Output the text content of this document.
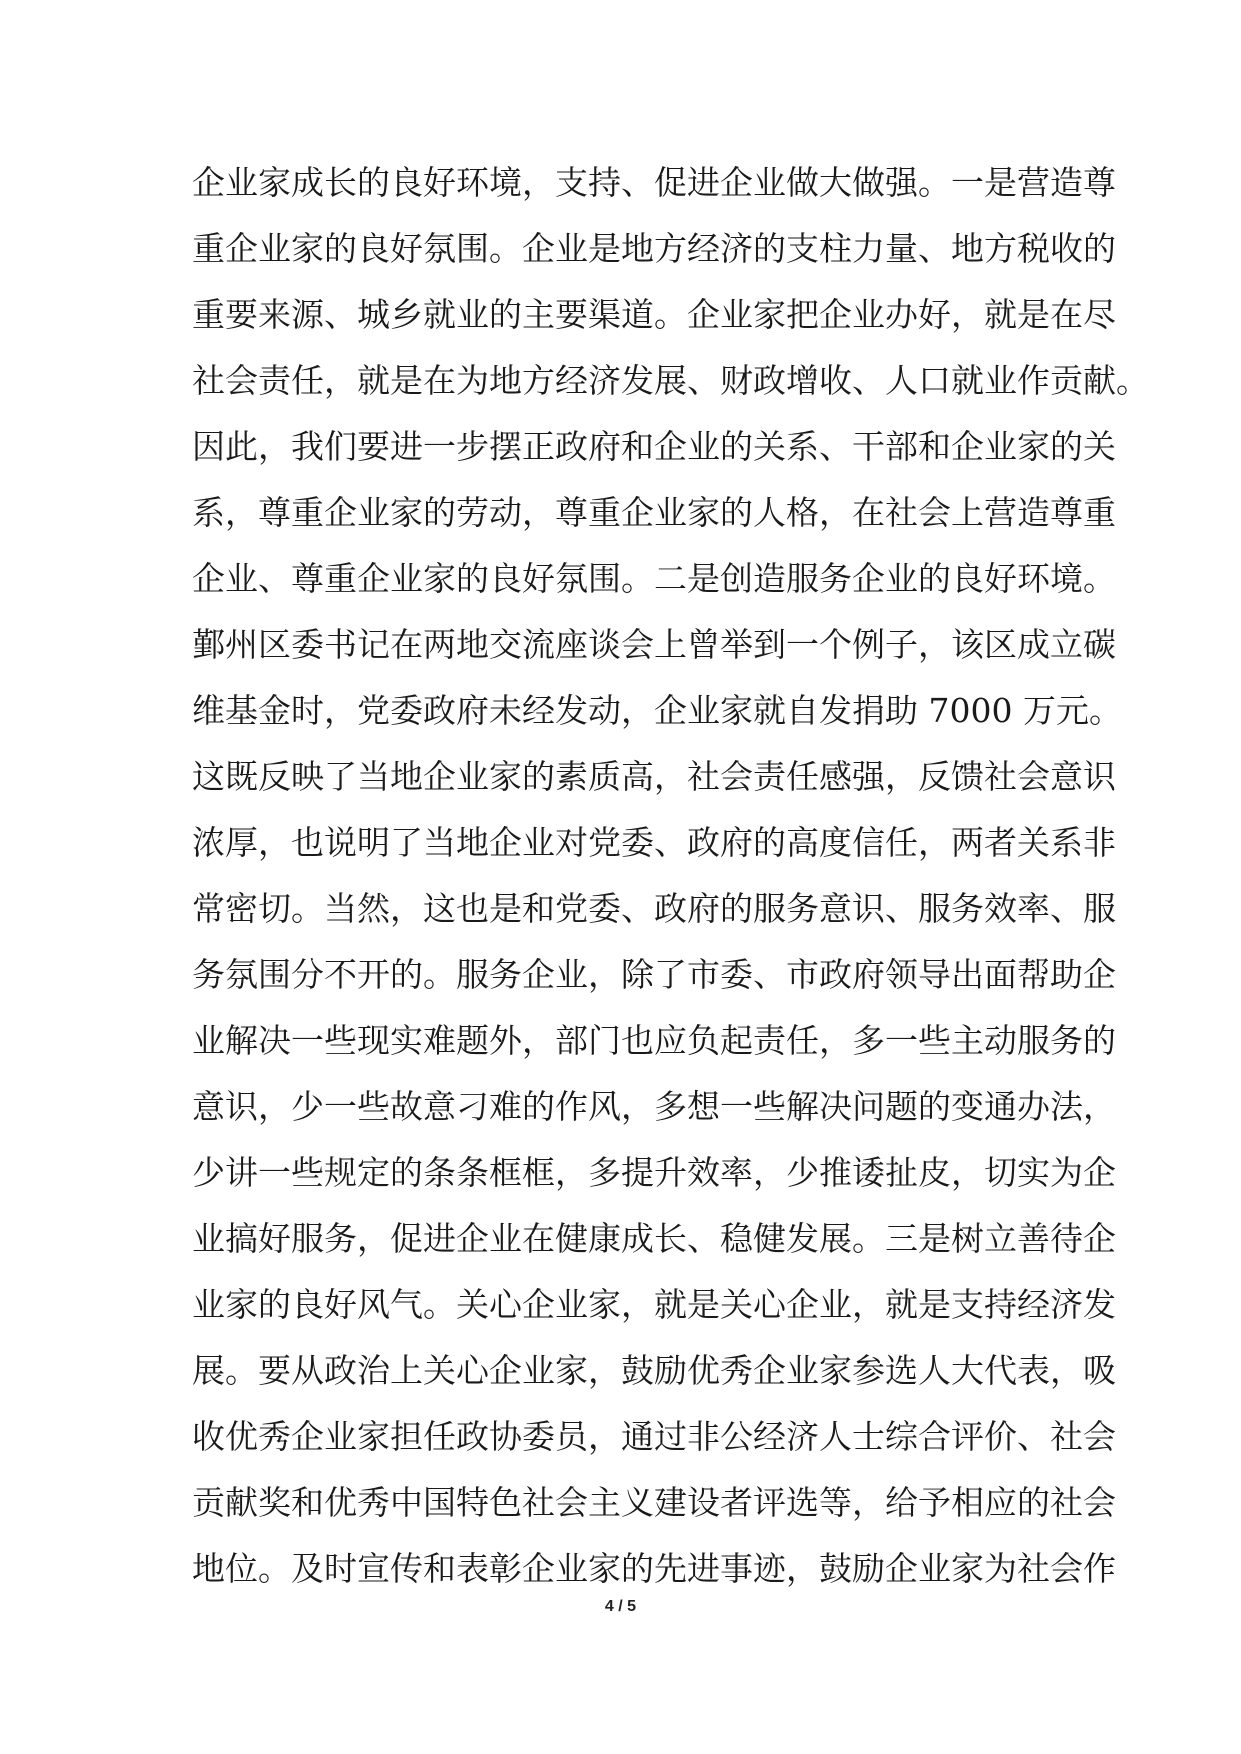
企业家成长的良好环境，支持、促进企业做大做强。一是营造尊
重企业家的良好氛围。企业是地方经济的支柱力量、地方税收的
重要来源、城乡就业的主要渠道。企业家把企业办好，就是在尽
社会责任，就是在为地方经济发展、财政增收、人口就业作贡献。
因此，我们要进一步摆正政府和企业的关系、干部和企业家的关
系，尊重企业家的劳动，尊重企业家的人格，在社会上营造尊重
企业、尊重企业家的良好氛围。二是创造服务企业的良好环境。
鄞州区委书记在两地交流座谈会上曾举到一个例子，该区成立碳
维基金时，党委政府未经发动，企业家就自发捐助 7000 万元。
这既反映了当地企业家的素质高，社会责任感强，反馈社会意识
浓厚，也说明了当地企业对党委、政府的高度信任，两者关系非
常密切。当然，这也是和党委、政府的服务意识、服务效率、服
务氛围分不开的。服务企业，除了市委、市政府领导出面帮助企
业解决一些现实难题外，部门也应负起责任，多一些主动服务的
意识，少一些故意刁难的作风，多想一些解决问题的变通办法，
少讲一些规定的条条框框，多提升效率，少推诿扯皮，切实为企
业搞好服务，促进企业在健康成长、稳健发展。三是树立善待企
业家的良好风气。关心企业家，就是关心企业，就是支持经济发
展。要从政治上关心企业家，鼓励优秀企业家参选人大代表，吸
收优秀企业家担任政协委员，通过非公经济人士综合评价、社会
贡献奖和优秀中国特色社会主义建设者评选等，给予相应的社会
地位。及时宣传和表彰企业家的先进事迹，鼓励企业家为社会作
4 / 5
